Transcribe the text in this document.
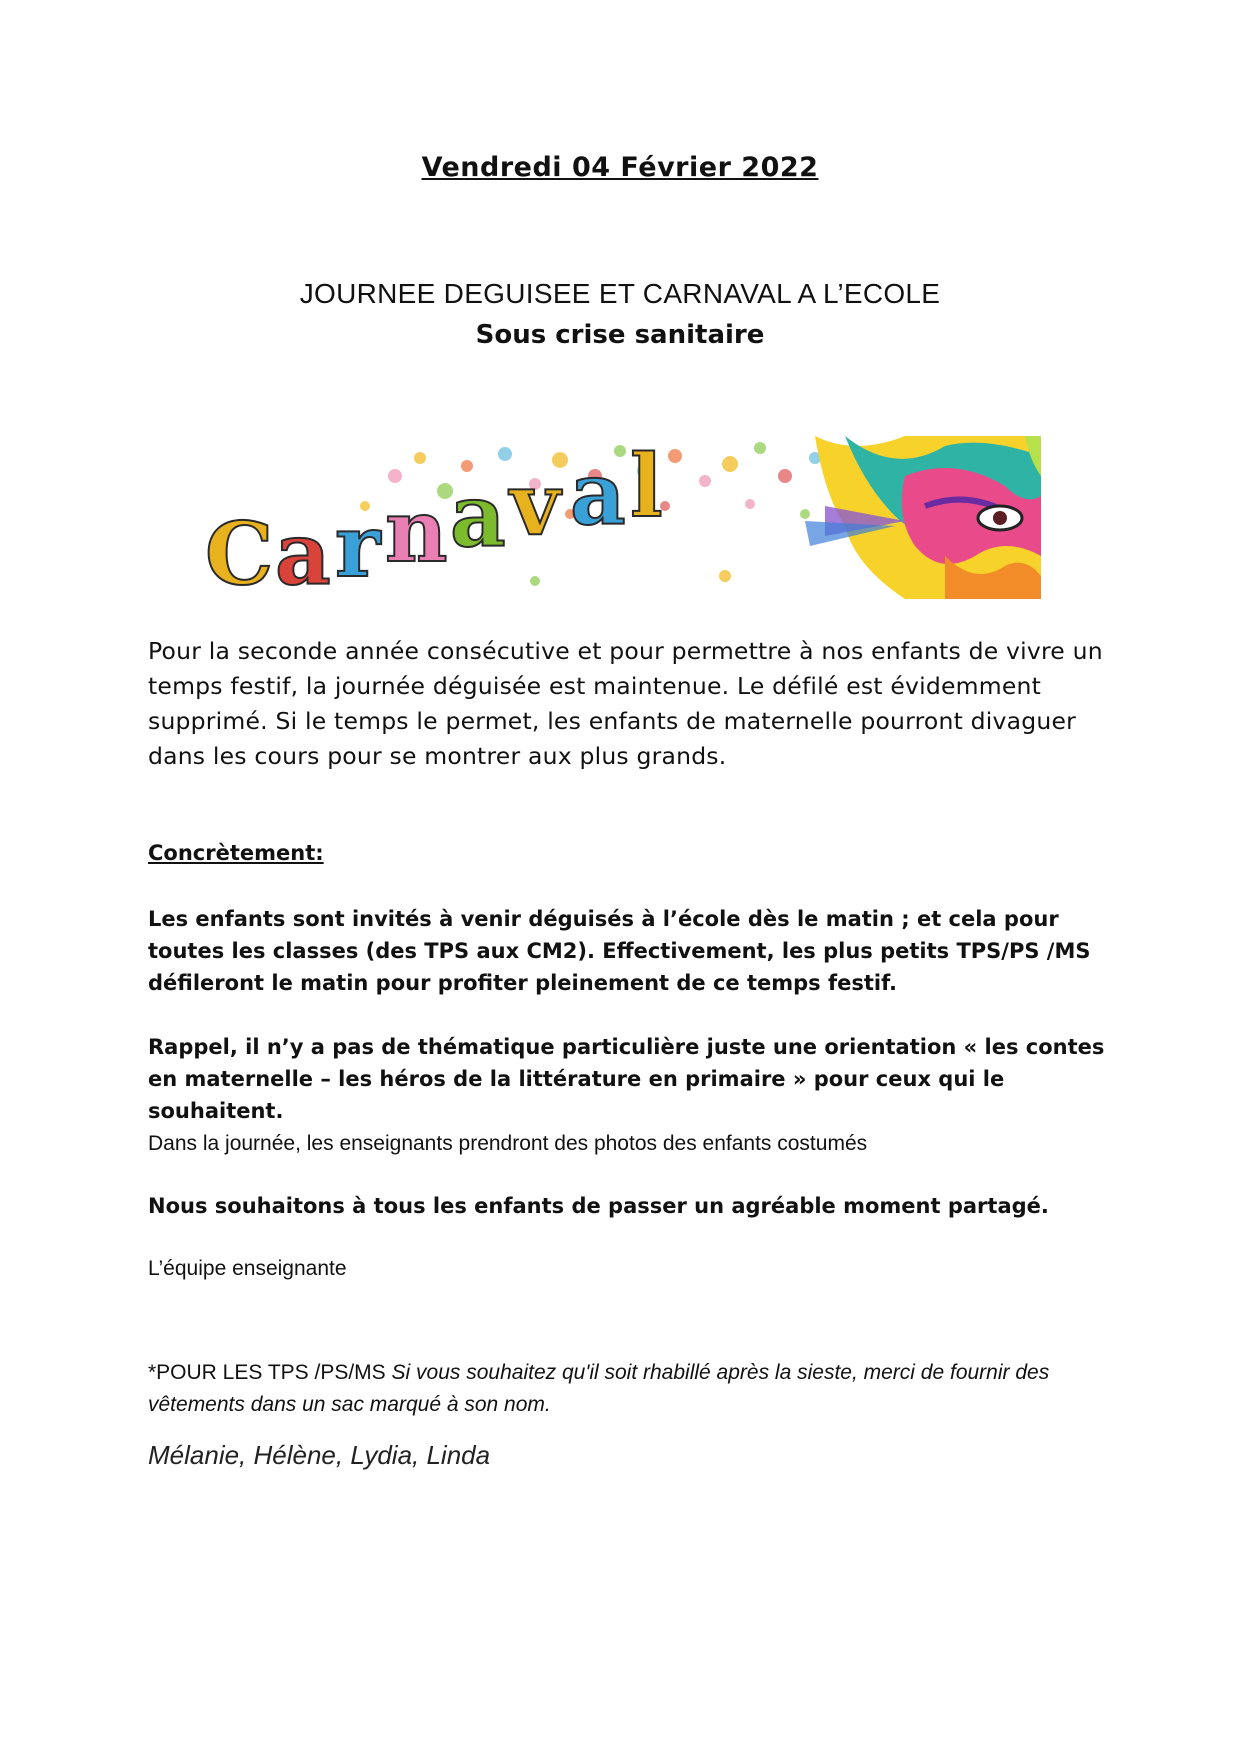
Vendredi 04 Février 2022
JOURNEE DEGUISEE ET CARNAVAL A L’ECOLE
Sous crise sanitaire
C a r n a v a l
Pour la seconde année consécutive et pour permettre à nos enfants de vivre un temps festif, la journée déguisée est maintenue. Le défilé est évidemment supprimé. Si le temps le permet, les enfants de maternelle pourront divaguer dans les cours pour se montrer aux plus grands.
Concrètement:
Les enfants sont invités à venir déguisés à l’école dès le matin ; et cela pour toutes les classes (des TPS aux CM2). Effectivement, les plus petits TPS/PS /MS défileront le matin pour profiter pleinement de ce temps festif.
Rappel, il n’y a pas de thématique particulière juste une orientation « les contes en maternelle – les héros de la littérature en primaire » pour ceux qui le souhaitent.
Dans la journée, les enseignants prendront des photos des enfants costumés
Nous souhaitons à tous les enfants de passer un agréable moment partagé.
L’équipe enseignante
*POUR LES TPS /PS/MS Si vous souhaitez qu'il soit rhabillé après la sieste, merci de fournir des vêtements dans un sac marqué à son nom.
Mélanie, Hélène, Lydia, Linda
